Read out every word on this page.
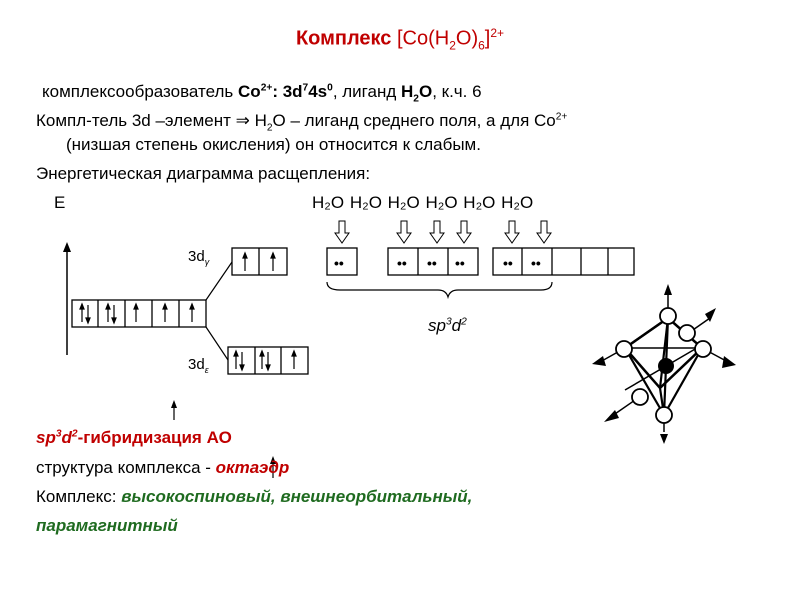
Комплекс $[Co(H_2O)_6]^{2+}$
комплексообразователь $Co^{2+}$: $3d^74s^0$, лиганд $H_2O$, к.ч. 6
Компл-тель 3d –элемент ⇒ $H_2O$ – лиганд среднего поля, а для $Co^{2+}$
(низшая степень окисления) он относится к слабым.
Энергетическая диаграмма расщепления:
E	H₂O H₂O H₂O H₂O H₂O H₂O
$3d_\gamma$
$3d_\varepsilon$
$sp^3d^2$
••	•• •• ••	•• ••
$sp^3d^2$-гибридизация АО
структура комплекса - октаэдр
Комплекс: высокоспиновый, внешнеорбитальный,
парамагнитный
